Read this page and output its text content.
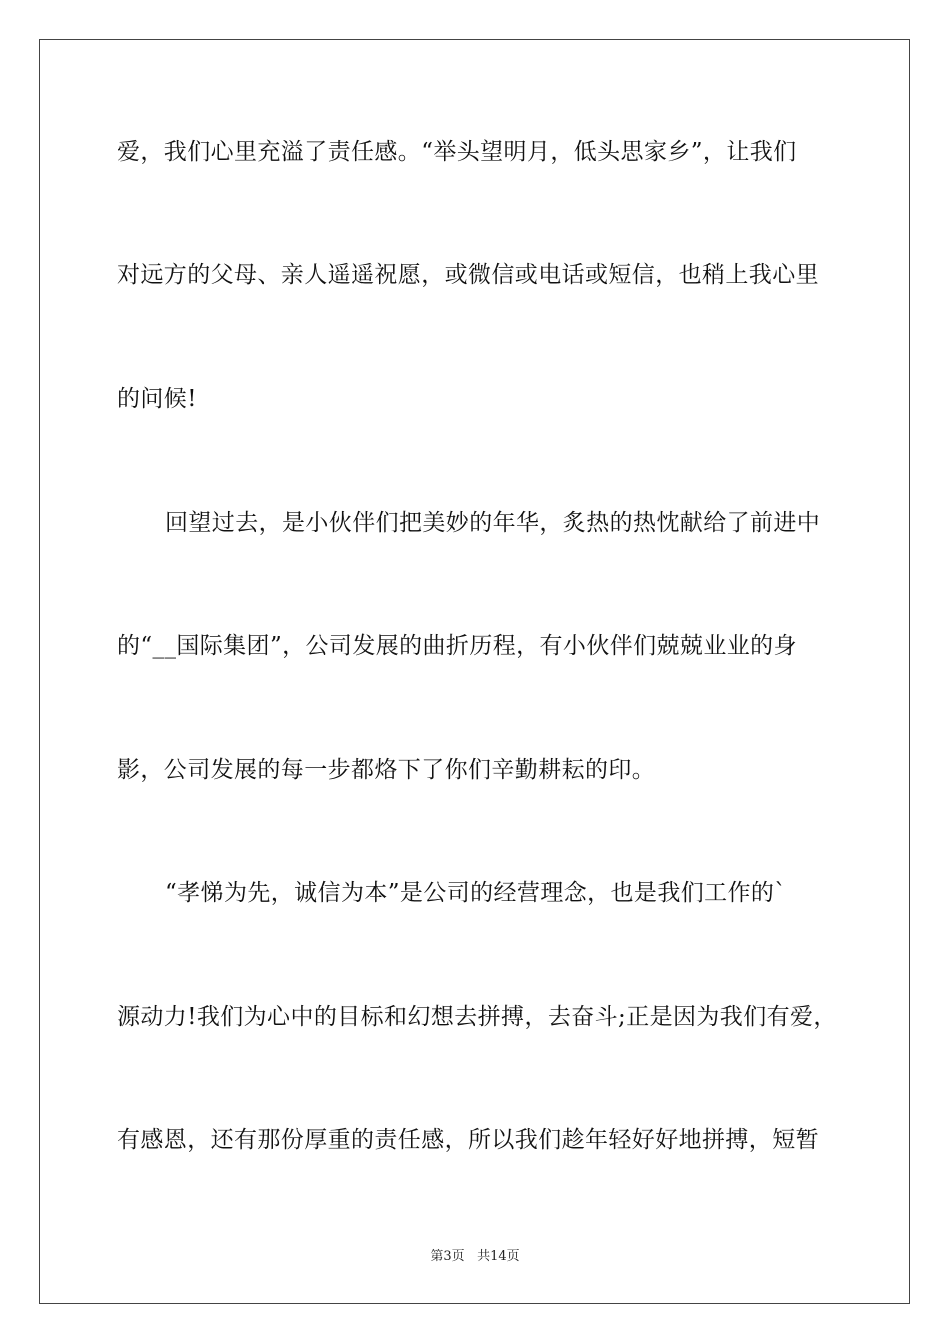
爱，我们心里充溢了责任感。“举头望明月，低头思家乡”，让我们
对远方的父母、亲人遥遥祝愿，或微信或电话或短信，也稍上我心里
的问候!
回望过去，是小伙伴们把美妙的年华，炙热的热忱献给了前进中
的“__国际集团”，公司发展的曲折历程，有小伙伴们兢兢业业的身
影，公司发展的每一步都烙下了你们辛勤耕耘的印。
“孝悌为先，诚信为本”是公司的经营理念，也是我们工作的`
源动力!我们为心中的目标和幻想去拼搏，去奋斗;正是因为我们有爱，
有感恩，还有那份厚重的责任感，所以我们趁年轻好好地拼搏，短暂
第3页 共14页
